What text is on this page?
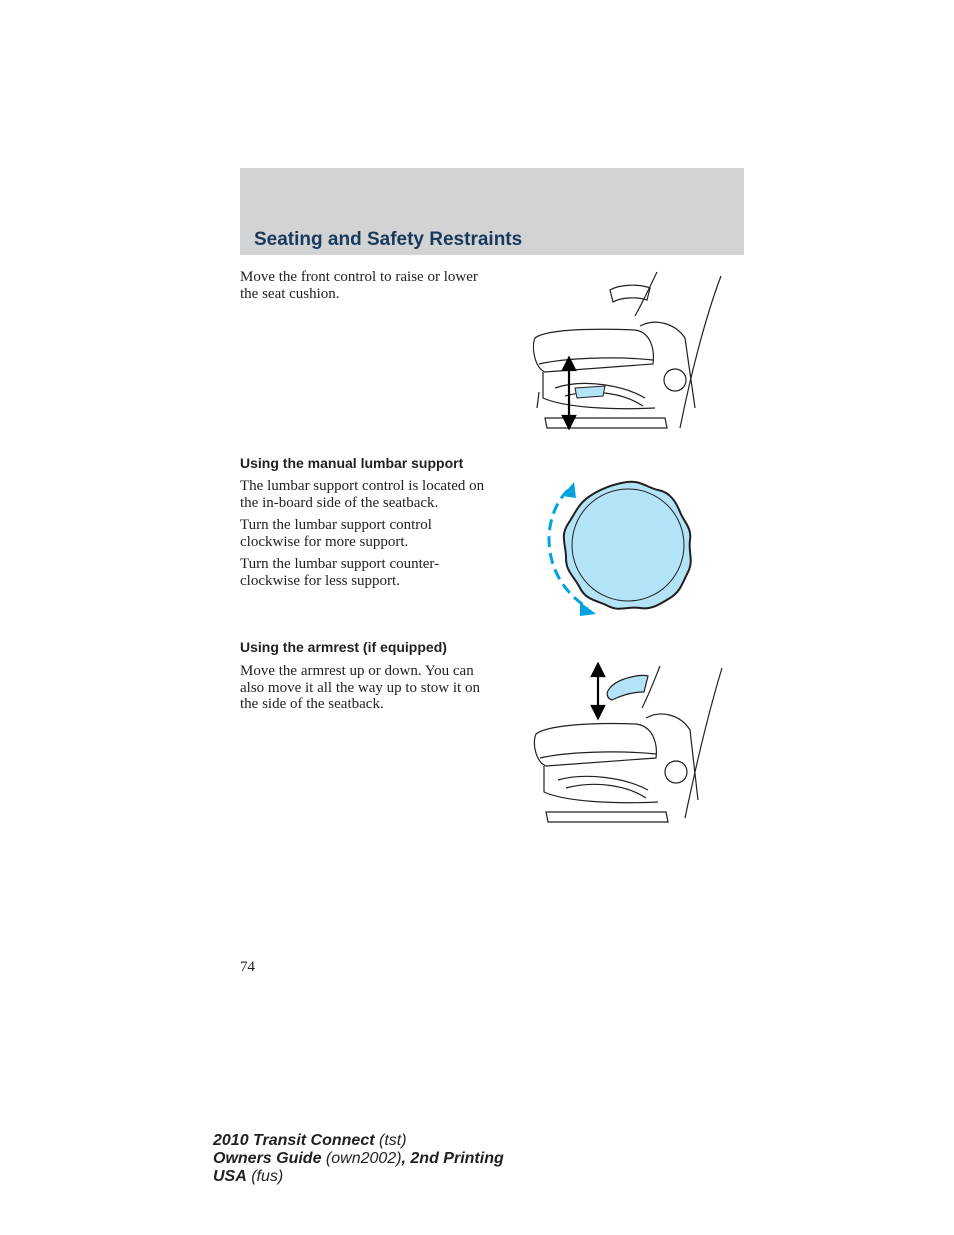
Seating and Safety Restraints

Move the front control to raise or lower the seat cushion.

Using the manual lumbar support

The lumbar support control is located on the in-board side of the seatback.

Turn the lumbar support control clockwise for more support.

Turn the lumbar support counter-clockwise for less support.

Using the armrest (if equipped)

Move the armrest up or down. You can also move it all the way up to stow it on the side of the seatback.

74
2010 Transit Connect (tst)
Owners Guide (own2002), 2nd Printing
USA (fus)
